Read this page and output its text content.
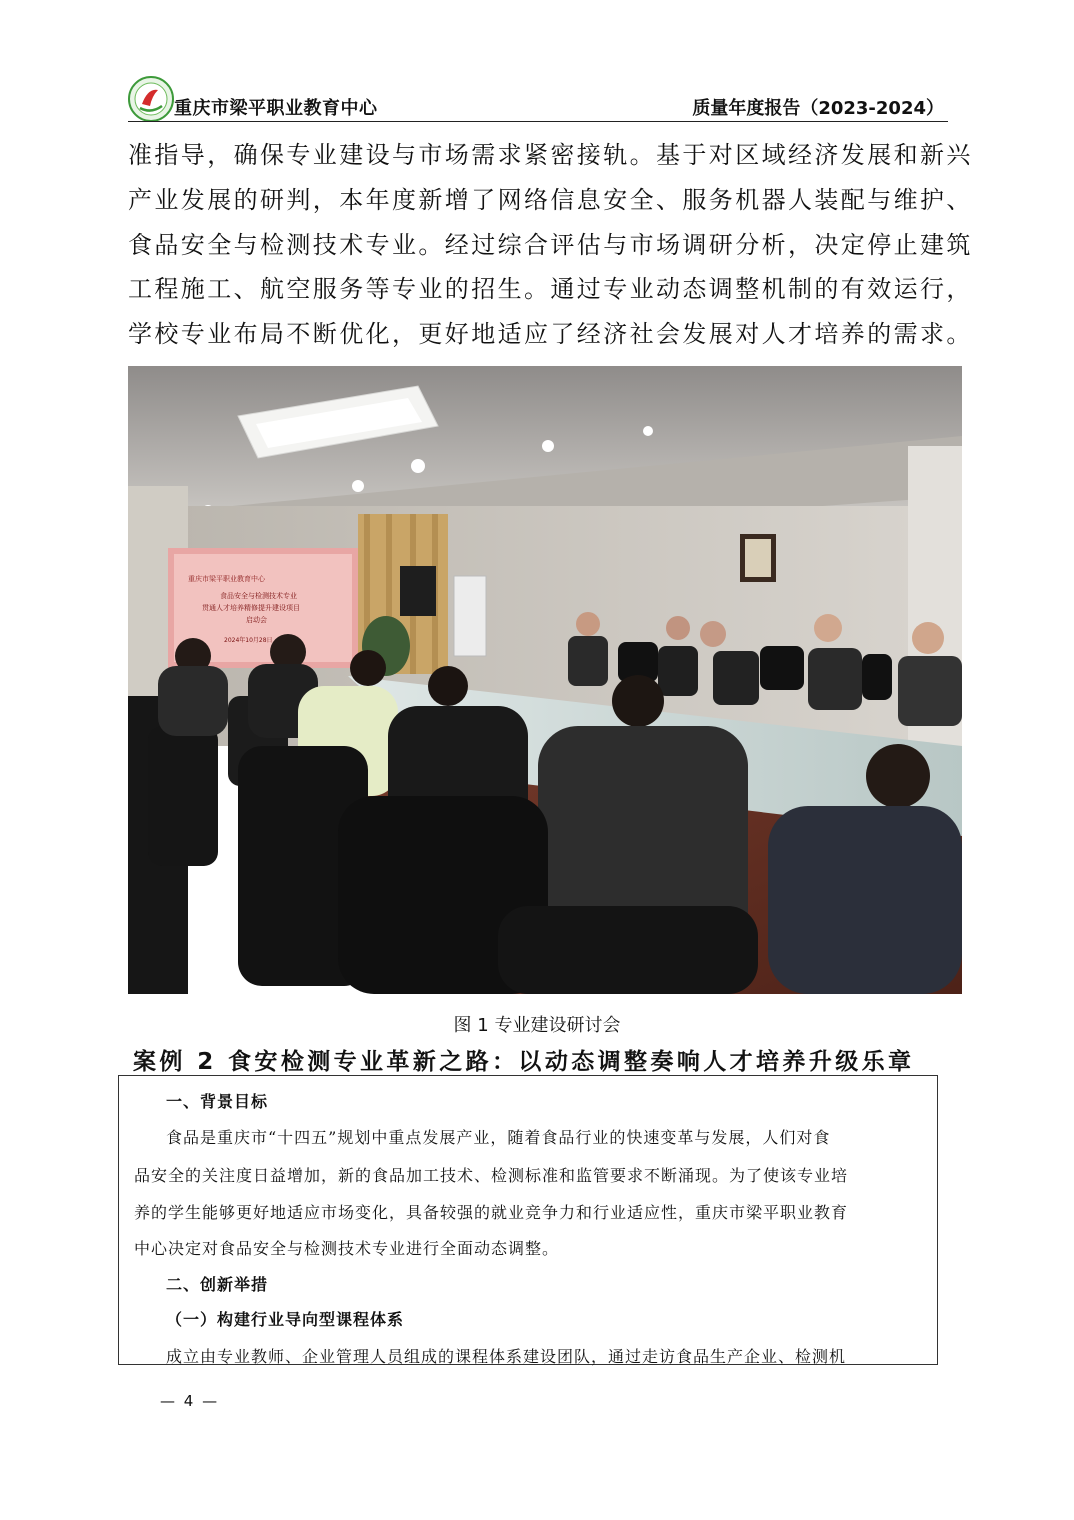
重庆市梁平职业教育中心	质量年度报告（2023-2024）

准指导，确保专业建设与市场需求紧密接轨。基于对区域经济发展和新兴

产业发展的研判，本年度新增了网络信息安全、服务机器人装配与维护、

食品安全与检测技术专业。经过综合评估与市场调研分析，决定停止建筑

工程施工、航空服务等专业的招生。通过专业动态调整机制的有效运行，

学校专业布局不断优化，更好地适应了经济社会发展对人才培养的需求。

重庆市梁平职业教育中心
食品安全与检测技术专业
贯通人才培养精修提升建设项目
启动会
2024年10月28日
图 1 专业建设研讨会
案例 2 食安检测专业革新之路：以动态调整奏响人才培养升级乐章
一、背景目标
食品是重庆市“十四五”规划中重点发展产业，随着食品行业的快速变革与发展，人们对食
品安全的关注度日益增加，新的食品加工技术、检测标准和监管要求不断涌现。为了使该专业培
养的学生能够更好地适应市场变化，具备较强的就业竞争力和行业适应性，重庆市梁平职业教育
中心决定对食品安全与检测技术专业进行全面动态调整。
二、创新举措
（一）构建行业导向型课程体系
成立由专业教师、企业管理人员组成的课程体系建设团队，通过走访食品生产企业、检测机
— 4 —
